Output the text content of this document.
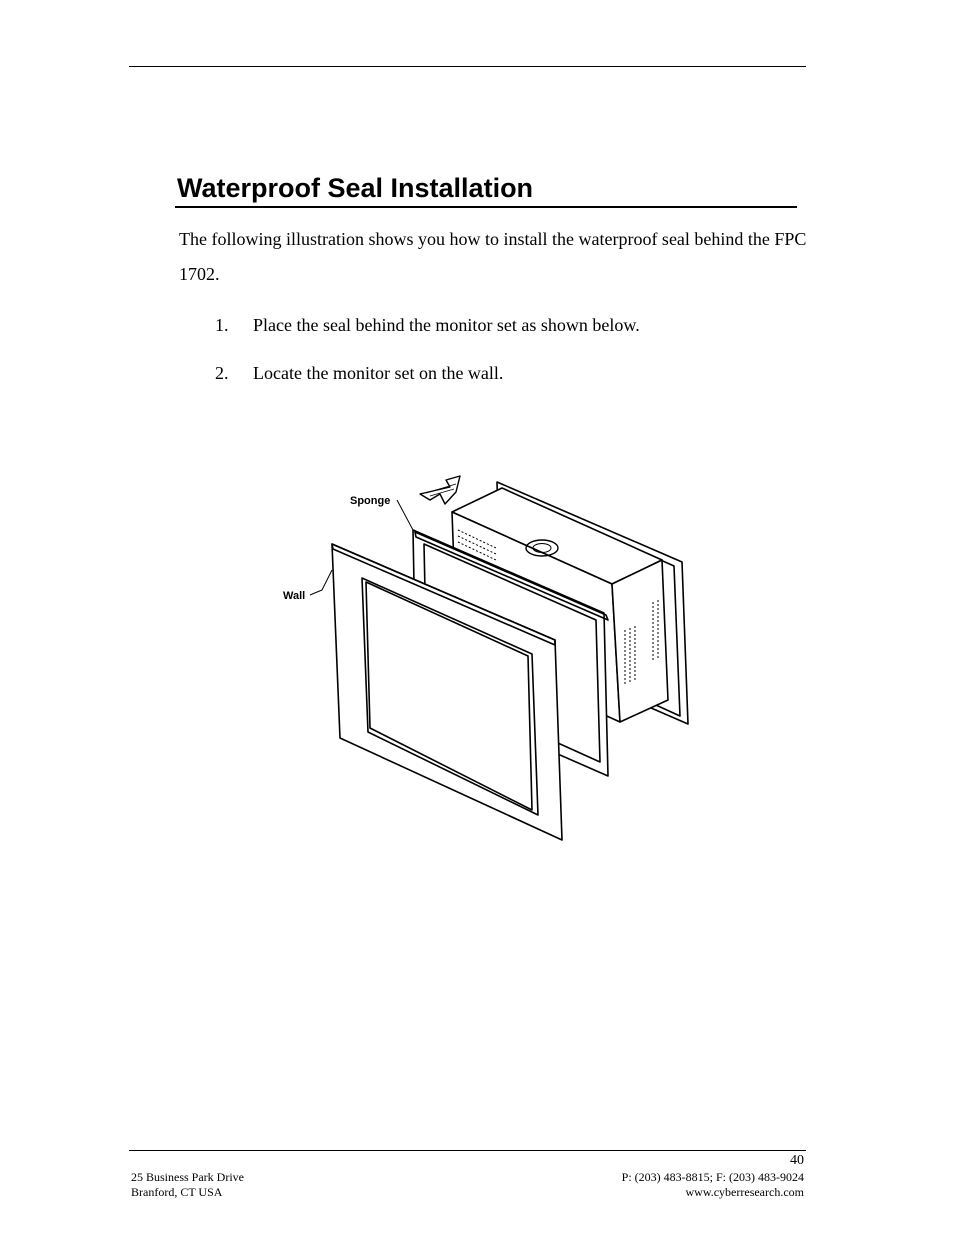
Waterproof Seal Installation

The following illustration shows you how to install the waterproof seal behind the FPC 1702.

1. Place the seal behind the monitor set as shown below.
2. Locate the monitor set on the wall.
Sponge
Wall
40
25 Business Park Drive
Branford, CT USA
P: (203) 483-8815; F: (203) 483-9024
www.cyberresearch.com
